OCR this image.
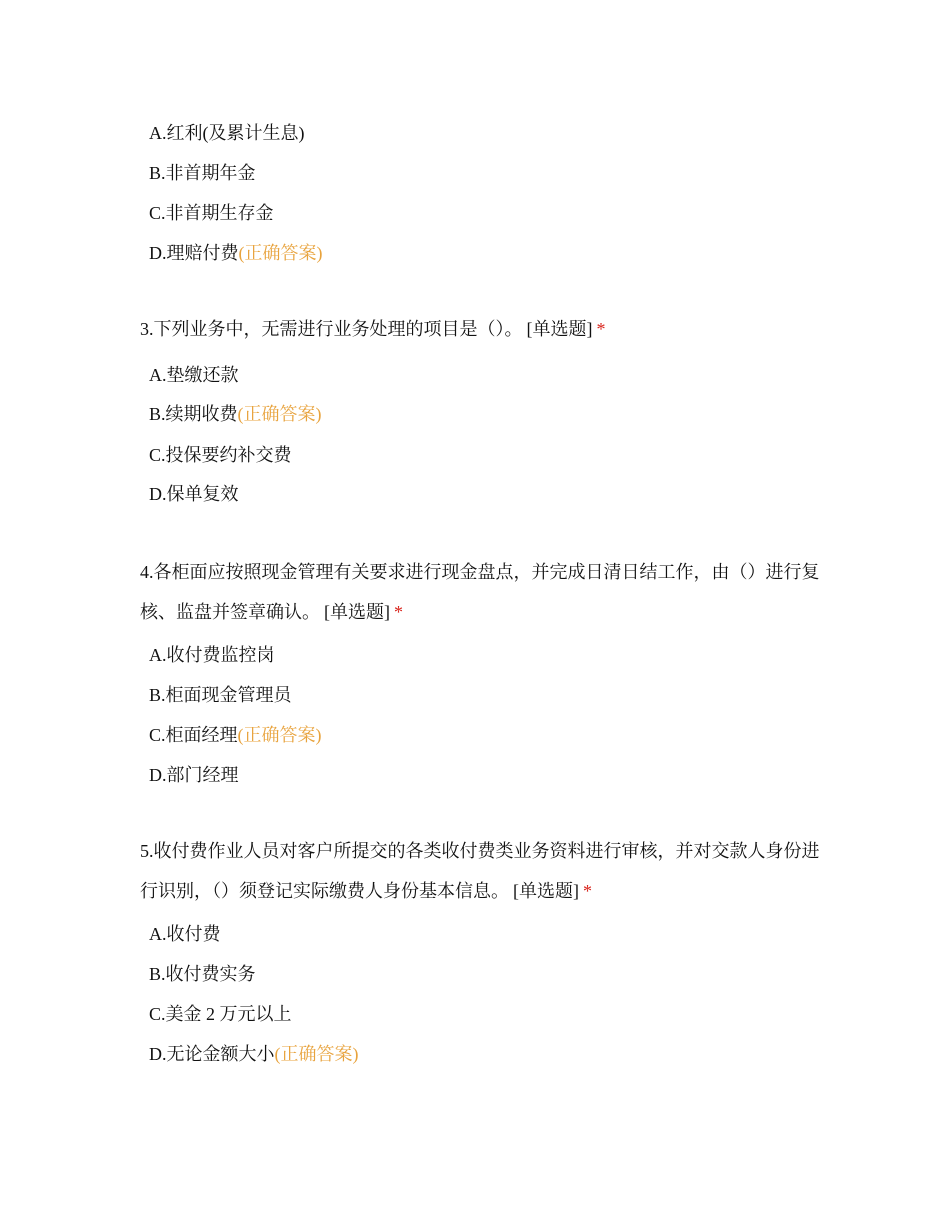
A.红利(及累计生息)
B.非首期年金
C.非首期生存金
D.理赔付费(正确答案)
3.下列业务中，无需进行业务处理的项目是（）。 [单选题] *
A.垫缴还款
B.续期收费(正确答案)
C.投保要约补交费
D.保单复效
4.各柜面应按照现金管理有关要求进行现金盘点，并完成日清日结工作，由（）进行复核、监盘并签章确认。 [单选题] *
A.收付费监控岗
B.柜面现金管理员
C.柜面经理(正确答案)
D.部门经理
5.收付费作业人员对客户所提交的各类收付费类业务资料进行审核，并对交款人身份进行识别，（）须登记实际缴费人身份基本信息。 [单选题] *
A.收付费
B.收付费实务
C.美金 2 万元以上
D.无论金额大小(正确答案)
